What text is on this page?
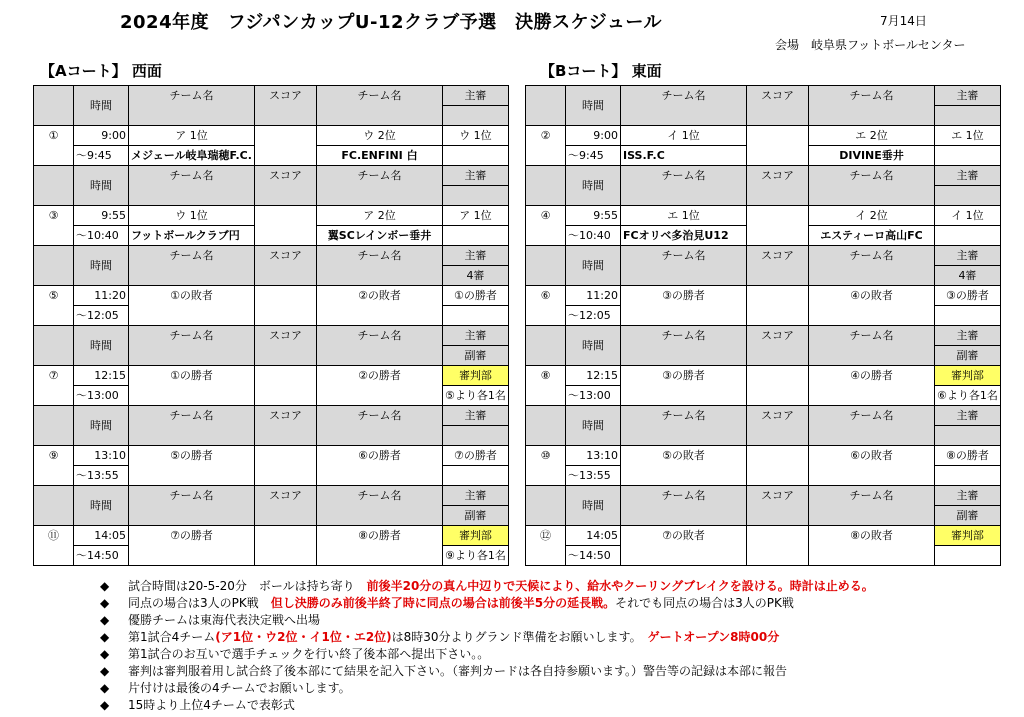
2024年度　フジパンカップU-12クラブ予選　決勝スケジュール	7月14日
会場　岐阜県フットボールセンター
【Aコート】 西面	【Bコート】 東面
	時間	チーム名	スコア	チーム名	主審

①	9:00	ア 1位		ウ 2位	ウ 1位
	～9:45	メジェール岐阜瑞穂F.C.		FC.ENFINI 白	
	時間	チーム名	スコア	チーム名	主審

③	9:55	ウ 1位		ア 2位	ア 1位
	～10:40	フットボールクラブ円		翼SCレインボー垂井	
	時間	チーム名	スコア	チーム名	主審
					4審
⑤	11:20	①の敗者		②の敗者	①の勝者
	～12:05				
	時間	チーム名	スコア	チーム名	主審
					副審
⑦	12:15	①の勝者		②の勝者	審判部
	～13:00				⑤より各1名
	時間	チーム名	スコア	チーム名	主審

⑨	13:10	⑤の勝者		⑥の勝者	⑦の勝者
	～13:55				
	時間	チーム名	スコア	チーム名	主審
					副審
⑪	14:05	⑦の勝者		⑧の勝者	審判部
	～14:50				⑨より各1名
	時間	チーム名	スコア	チーム名	主審

②	9:00	イ 1位		エ 2位	エ 1位
	～9:45	ISS.F.C		DIVINE垂井	
	時間	チーム名	スコア	チーム名	主審

④	9:55	エ 1位		イ 2位	イ 1位
	～10:40	FCオリベ多治見U12		エスティーロ高山FC	
	時間	チーム名	スコア	チーム名	主審
					4審
⑥	11:20	③の勝者		④の敗者	③の勝者
	～12:05				
	時間	チーム名	スコア	チーム名	主審
					副審
⑧	12:15	③の勝者		④の勝者	審判部
	～13:00				⑥より各1名
	時間	チーム名	スコア	チーム名	主審

⑩	13:10	⑤の敗者		⑥の敗者	⑧の勝者
	～13:55				
	時間	チーム名	スコア	チーム名	主審
					副審
⑫	14:05	⑦の敗者		⑧の敗者	審判部
	～14:50				
◆ 試合時間は20-5-20分　ボールは持ち寄り　前後半20分の真ん中辺りで天候により、給水やクーリングブレイクを設ける。時計は止める。
◆ 同点の場合は3人のPK戦　但し決勝のみ前後半終了時に同点の場合は前後半5分の延長戦。それでも同点の場合は3人のPK戦
◆ 優勝チームは東海代表決定戦へ出場
◆ 第1試合4チーム(ア1位・ウ2位・イ1位・エ2位)は8時30分よりグランド準備をお願いします。　ゲートオープン8時00分
◆ 第1試合のお互いで選手チェックを行い終了後本部へ提出下さい。。
◆ 審判は審判服着用し試合終了後本部にて結果を記入下さい。（審判カードは各自持参願います。）警告等の記録は本部に報告
◆ 片付けは最後の4チームでお願いします。
◆ 15時より上位4チームで表彰式
